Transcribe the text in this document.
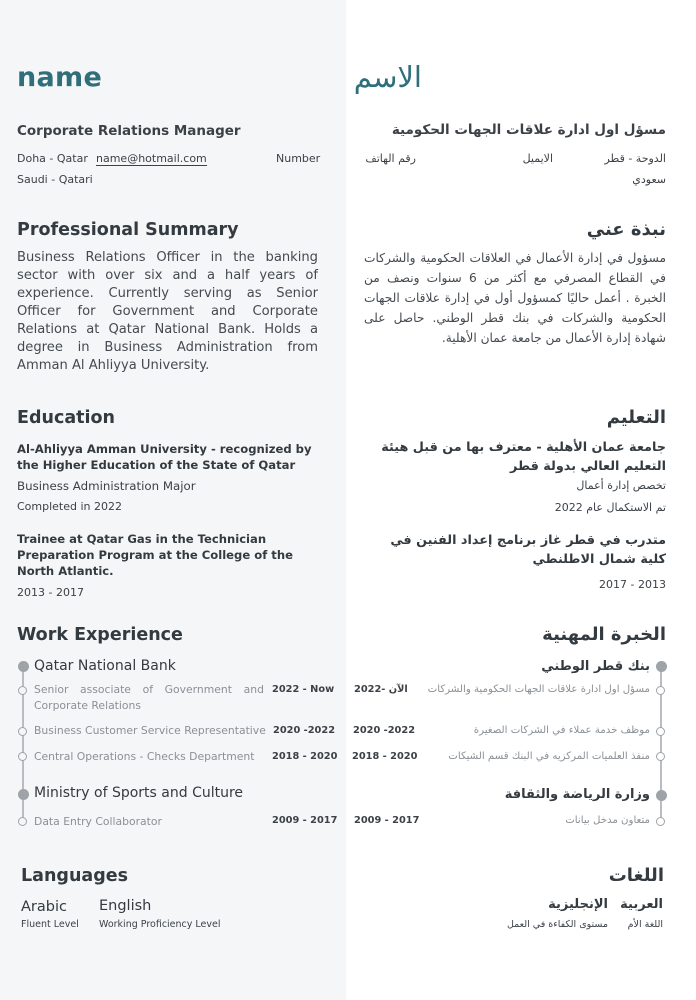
name	الاسم
Corporate Relations Manager	مسؤل اول ادارة علاقات الجهات الحكومية
Doha - Qatar name@hotmail.com	Number
Saudi - Qatari
الدوحة - قطر
الايميل
رقم الهاتف
سعودي
Professional Summary	نبذة عني
Business Relations Officer in the banking sector with over six and a half years of experience. Currently serving as Senior Officer for Government and Corporate Relations at Qatar National Bank. Holds a degree in Business Administration from Amman Al Ahliyya University.
مسؤول في إدارة الأعمال في العلاقات الحكومية والشركات في القطاع المصرفي مع أكثر من 6 سنوات ونصف من الخبرة . أعمل حاليًا كمسؤول أول في إدارة علاقات الجهات الحكومية والشركات في بنك قطر الوطني. حاصل على شهادة إدارة الأعمال من جامعة عمان الأهلية.
Education	التعليم
Al-Ahliyya Amman University - recognized by the Higher Education of the State of Qatar
Business Administration Major
Completed in 2022
جامعة عمان الأهلية - معترف بها من قبل هيئة التعليم العالي بدولة قطر
تخصص إدارة أعمال
تم الاستكمال عام 2022
Trainee at Qatar Gas in the Technician Preparation Program at the College of the North Atlantic.
2013 - 2017
متدرب في قطر غاز برنامج إعداد الفنين في كلية شمال الاطلنطي
2013 - 2017
Work Experience	الخبرة المهنية
Qatar National Bank
Senior associate of Government and Corporate Relations
2022 - Now
Business Customer Service Representative 2020 -2022
Central Operations - Checks Department 2018 - 2020
Ministry of Sports and Culture
Data Entry Collaborator	2009 - 2017
بنك قطر الوطني
مسؤل اول ادارة علاقات الجهات الحكومية والشركات
2022- الآن
موظف خدمة عملاء في الشركات الصغيرة
2020 -2022
منفذ العلميات المركزيه في البنك قسم الشيكات
2018 - 2020
وزارة الرياضة والثقافة
متعاون مدخل بيانات
2009 - 2017
Languages	اللغات
Arabic
Fluent Level
English
Working Proficiency Level
العربية
اللغة الأم
الإنجليزية
مستوى الكفاءة في العمل
